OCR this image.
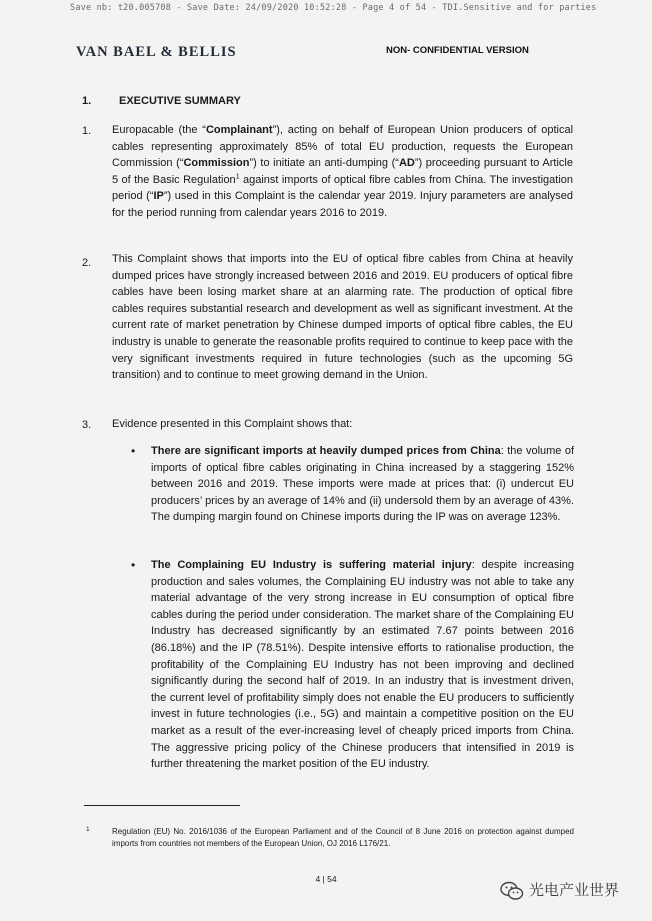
Save nb: t20.005708 - Save Date: 24/09/2020 10:52:28 - Page 4 of 54 - TDI.Sensitive and for parties
VAN BAEL & BELLIS	NON- CONFIDENTIAL VERSION
1.	EXECUTIVE SUMMARY
1. Europacable (the “Complainant”), acting on behalf of European Union producers of optical cables representing approximately 85% of total EU production, requests the European Commission (“Commission”) to initiate an anti-dumping (“AD”) proceeding pursuant to Article 5 of the Basic Regulation$^1$ against imports of optical fibre cables from China. The investigation period (“IP”) used in this Complaint is the calendar year 2019. Injury parameters are analysed for the period running from calendar years 2016 to 2019.

2. This Complaint shows that imports into the EU of optical fibre cables from China at heavily dumped prices have strongly increased between 2016 and 2019. EU producers of optical fibre cables have been losing market share at an alarming rate. The production of optical fibre cables requires substantial research and development as well as significant investment. At the current rate of market penetration by Chinese dumped imports of optical fibre cables, the EU industry is unable to generate the reasonable profits required to continue to keep pace with the very significant investments required in future technologies (such as the upcoming 5G transition) and to continue to meet growing demand in the Union.

3. Evidence presented in this Complaint shows that:

• There are significant imports at heavily dumped prices from China: the volume of imports of optical fibre cables originating in China increased by a staggering 152% between 2016 and 2019. These imports were made at prices that: (i) undercut EU producers’ prices by an average of 14% and (ii) undersold them by an average of 43%. The dumping margin found on Chinese imports during the IP was on average 123%.

• The Complaining EU Industry is suffering material injury: despite increasing production and sales volumes, the Complaining EU industry was not able to take any material advantage of the very strong increase in EU consumption of optical fibre cables during the period under consideration. The market share of the Complaining EU Industry has decreased significantly by an estimated 7.67 points between 2016 (86.18%) and the IP (78.51%). Despite intensive efforts to rationalise production, the profitability of the Complaining EU Industry has not been improving and declined significantly during the second half of 2019. In an industry that is investment driven, the current level of profitability simply does not enable the EU producers to sufficiently invest in future technologies (i.e., 5G) and maintain a competitive position on the EU market as a result of the ever-increasing level of cheaply priced imports from China. The aggressive pricing policy of the Chinese producers that intensified in 2019 is further threatening the market position of the EU industry.

1	Regulation (EU) No. 2016/1036 of the European Parliament and of the Council of 8 June 2016 on protection against dumped imports from countries not members of the European Union, OJ 2016 L176/21.

4 | 54
光电产业世界
